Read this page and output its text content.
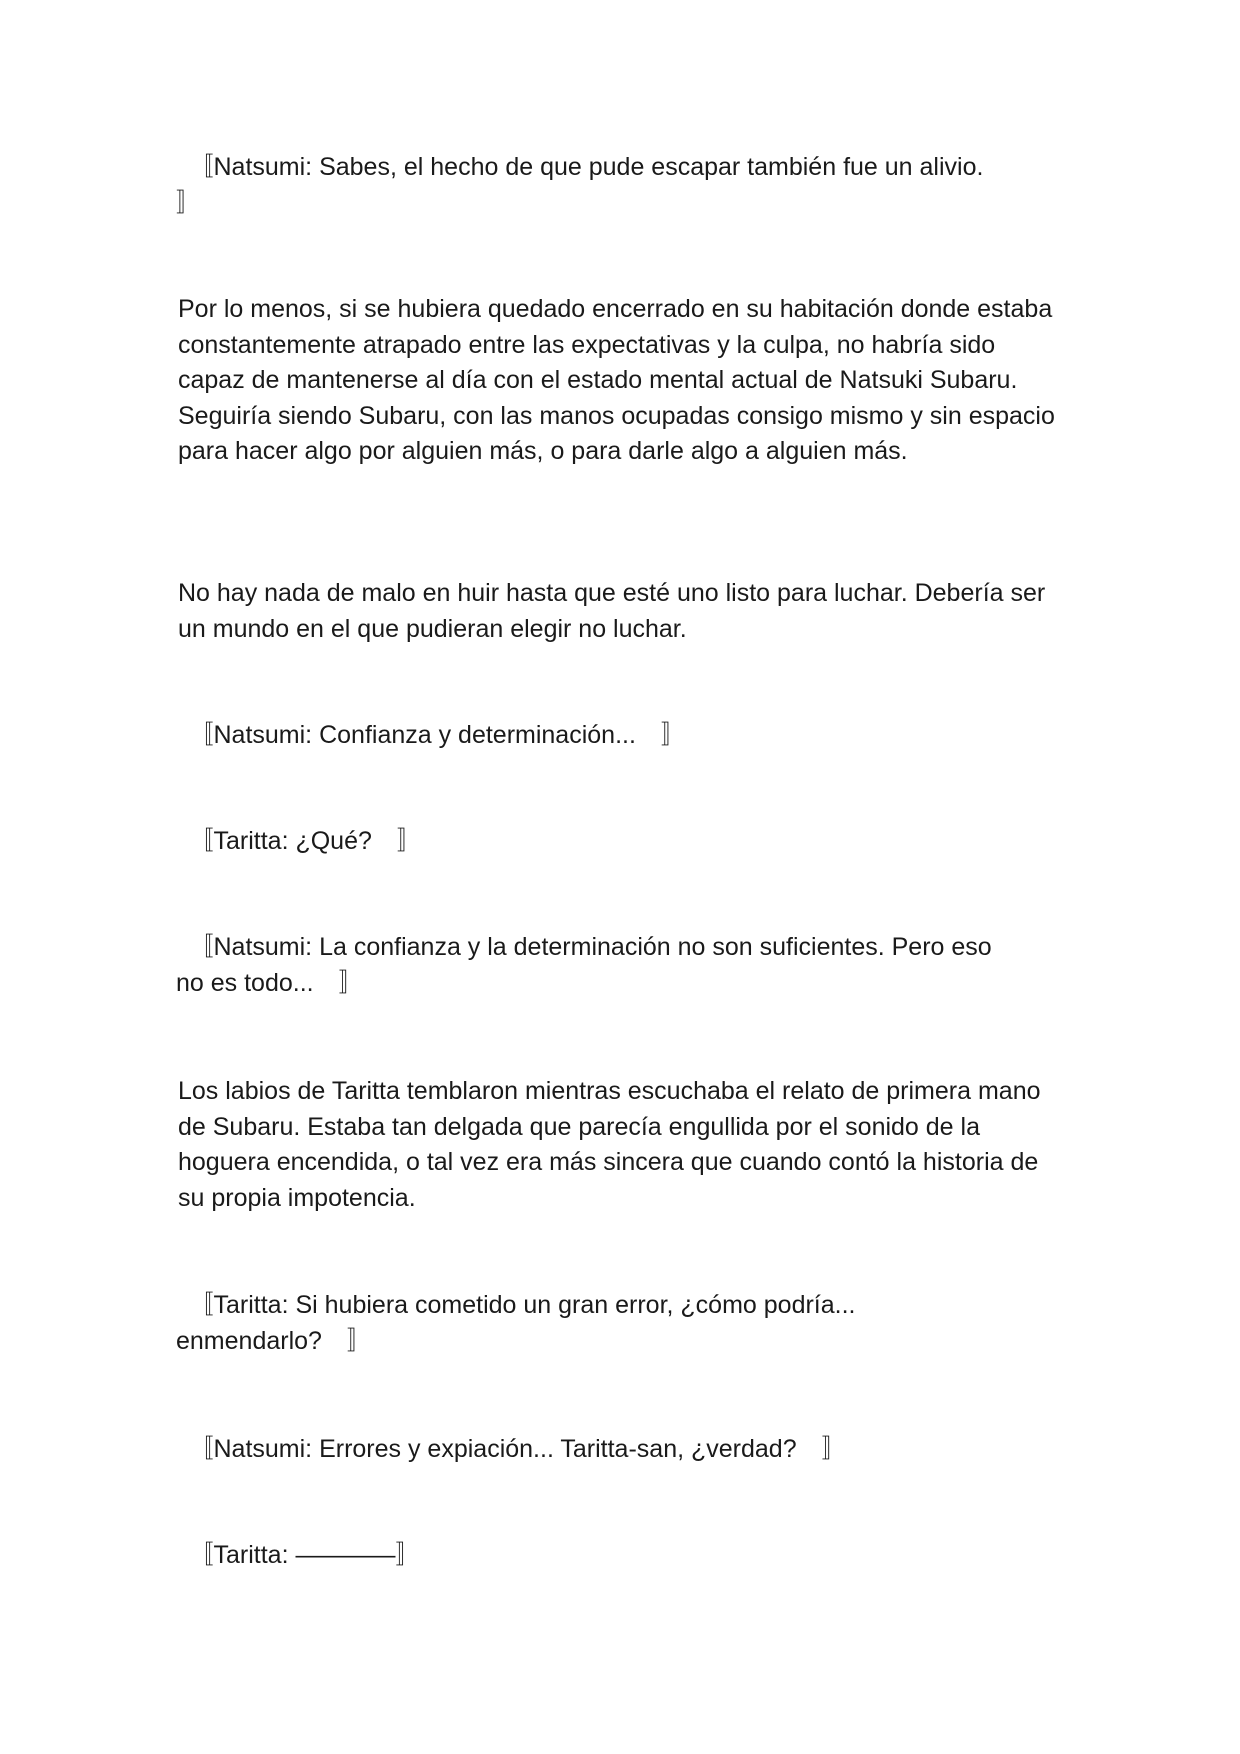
　〚Natsumi: Sabes, el hecho de que pude escapar también fue un alivio.
〛

Por lo menos, si se hubiera quedado encerrado en su habitación donde estaba constantemente atrapado entre las expectativas y la culpa, no habría sido capaz de mantenerse al día con el estado mental actual de Natsuki Subaru. Seguiría siendo Subaru, con las manos ocupadas consigo mismo y sin espacio para hacer algo por alguien más, o para darle algo a alguien más.

No hay nada de malo en huir hasta que esté uno listo para luchar. Debería ser un mundo en el que pudieran elegir no luchar.

　〚Natsumi: Confianza y determinación...　〛

　〚Taritta: ¿Qué?　〛

　〚Natsumi: La confianza y la determinación no son suficientes. Pero eso
no es todo...　〛

Los labios de Taritta temblaron mientras escuchaba el relato de primera mano de Subaru. Estaba tan delgada que parecía engullida por el sonido de la hoguera encendida, o tal vez era más sincera que cuando contó la historia de su propia impotencia.

　〚Taritta: Si hubiera cometido un gran error, ¿cómo podría...
enmendarlo?　〛

　〚Natsumi: Errores y expiación... Taritta-san, ¿verdad?　〛

　〚Taritta: ————〛
